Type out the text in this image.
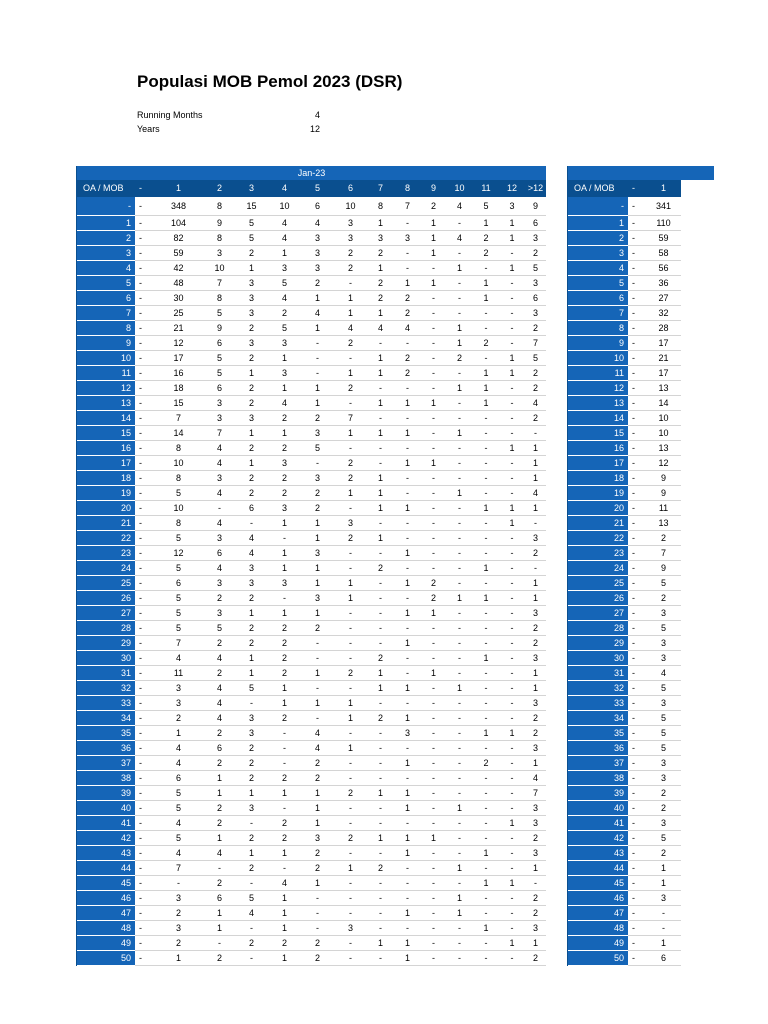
Populasi MOB Pemol 2023 (DSR)
Running Months	4
Years	12
Jan-23														
OA / MOB	-	1	2	3	4	5	6	7	8	9	10	11	12	>12
-	-	348	8	15	10	6	10	8	7	2	4	5	3	9
1	-	104	9	5	4	4	3	1	-	1	-	1	1	6
2	-	82	8	5	4	3	3	3	3	1	4	2	1	3
3	-	59	3	2	1	3	2	2	-	1	-	2	-	2
4	-	42	10	1	3	3	2	1	-	-	1	-	1	5
5	-	48	7	3	5	2	-	2	1	1	-	1	-	3
6	-	30	8	3	4	1	1	2	2	-	-	1	-	6
7	-	25	5	3	2	4	1	1	2	-	-	-	-	3
8	-	21	9	2	5	1	4	4	4	-	1	-	-	2
9	-	12	6	3	3	-	2	-	-	-	1	2	-	7
10	-	17	5	2	1	-	-	1	2	-	2	-	1	5
11	-	16	5	1	3	-	1	1	2	-	-	1	1	2
12	-	18	6	2	1	1	2	-	-	-	1	1	-	2
13	-	15	3	2	4	1	-	1	1	1	-	1	-	4
14	-	7	3	3	2	2	7	-	-	-	-	-	-	2
15	-	14	7	1	1	3	1	1	1	-	1	-	-	-
16	-	8	4	2	2	5	-	-	-	-	-	-	1	1
17	-	10	4	1	3	-	2	-	1	1	-	-	-	1
18	-	8	3	2	2	3	2	1	-	-	-	-	-	1
19	-	5	4	2	2	2	1	1	-	-	1	-	-	4
20	-	10	-	6	3	2	-	1	1	-	-	1	1	1
21	-	8	4	-	1	1	3	-	-	-	-	-	1	-
22	-	5	3	4	-	1	2	1	-	-	-	-	-	3
23	-	12	6	4	1	3	-	-	1	-	-	-	-	2
24	-	5	4	3	1	1	-	2	-	-	-	1	-	-
25	-	6	3	3	3	1	1	-	1	2	-	-	-	1
26	-	5	2	2	-	3	1	-	-	2	1	1	-	1
27	-	5	3	1	1	1	-	-	1	1	-	-	-	3
28	-	5	5	2	2	2	-	-	-	-	-	-	-	2
29	-	7	2	2	2	-	-	-	1	-	-	-	-	2
30	-	4	4	1	2	-	-	2	-	-	-	1	-	3
31	-	11	2	1	2	1	2	1	-	1	-	-	-	1
32	-	3	4	5	1	-	-	1	1	-	1	-	-	1
33	-	3	4	-	1	1	1	-	-	-	-	-	-	3
34	-	2	4	3	2	-	1	2	1	-	-	-	-	2
35	-	1	2	3	-	4	-	-	3	-	-	1	1	2
36	-	4	6	2	-	4	1	-	-	-	-	-	-	3
37	-	4	2	2	-	2	-	-	1	-	-	2	-	1
38	-	6	1	2	2	2	-	-	-	-	-	-	-	4
39	-	5	1	1	1	1	2	1	1	-	-	-	-	7
40	-	5	2	3	-	1	-	-	1	-	1	-	-	3
41	-	4	2	-	2	1	-	-	-	-	-	-	1	3
42	-	5	1	2	2	3	2	1	1	1	-	-	-	2
43	-	4	4	1	1	2	-	-	1	-	-	1	-	3
44	-	7	-	2	-	2	1	2	-	-	1	-	-	1
45	-	-	2	-	4	1	-	-	-	-	-	1	1	-
46	-	3	6	5	1	-	-	-	-	-	1	-	-	2
47	-	2	1	4	1	-	-	-	1	-	1	-	-	2
48	-	3	1	-	1	-	3	-	-	-	-	1	-	3
49	-	2	-	2	2	2	-	1	1	-	-	-	1	1
50	-	1	2	-	1	2	-	-	1	-	-	-	-	2

OA / MOB	-	1
-	-	341
1	-	110
2	-	59
3	-	58
4	-	56
5	-	36
6	-	27
7	-	32
8	-	28
9	-	17
10	-	21
11	-	17
12	-	13
13	-	14
14	-	10
15	-	10
16	-	13
17	-	12
18	-	9
19	-	9
20	-	11
21	-	13
22	-	2
23	-	7
24	-	9
25	-	5
26	-	2
27	-	3
28	-	5
29	-	3
30	-	3
31	-	4
32	-	5
33	-	3
34	-	5
35	-	5
36	-	5
37	-	3
38	-	3
39	-	2
40	-	2
41	-	3
42	-	5
43	-	2
44	-	1
45	-	1
46	-	3
47	-	-
48	-	-
49	-	1
50	-	6
